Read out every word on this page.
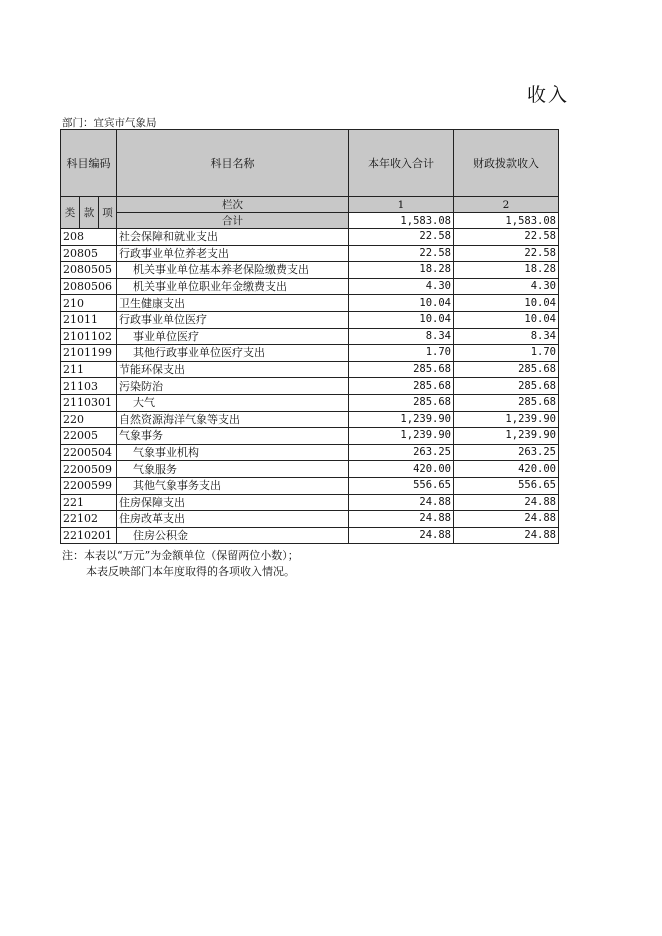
收入
部门：宜宾市气象局
科目编码			科目名称	本年收入合计	财政拨款收入
类	款	项	栏次	1	2
			合计	1,583.08	1,583.08
208			社会保障和就业支出	22.58	22.58
20805			行政事业单位养老支出	22.58	22.58
2080505			机关事业单位基本养老保险缴费支出	18.28	18.28
2080506			机关事业单位职业年金缴费支出	4.30	4.30
210			卫生健康支出	10.04	10.04
21011			行政事业单位医疗	10.04	10.04
2101102			事业单位医疗	8.34	8.34
2101199			其他行政事业单位医疗支出	1.70	1.70
211			节能环保支出	285.68	285.68
21103			污染防治	285.68	285.68
2110301			大气	285.68	285.68
220			自然资源海洋气象等支出	1,239.90	1,239.90
22005			气象事务	1,239.90	1,239.90
2200504			气象事业机构	263.25	263.25
2200509			气象服务	420.00	420.00
2200599			其他气象事务支出	556.65	556.65
221			住房保障支出	24.88	24.88
22102			住房改革支出	24.88	24.88
2210201			住房公积金	24.88	24.88
注：本表以“万元”为金额单位（保留两位小数）；
本表反映部门本年度取得的各项收入情况。
